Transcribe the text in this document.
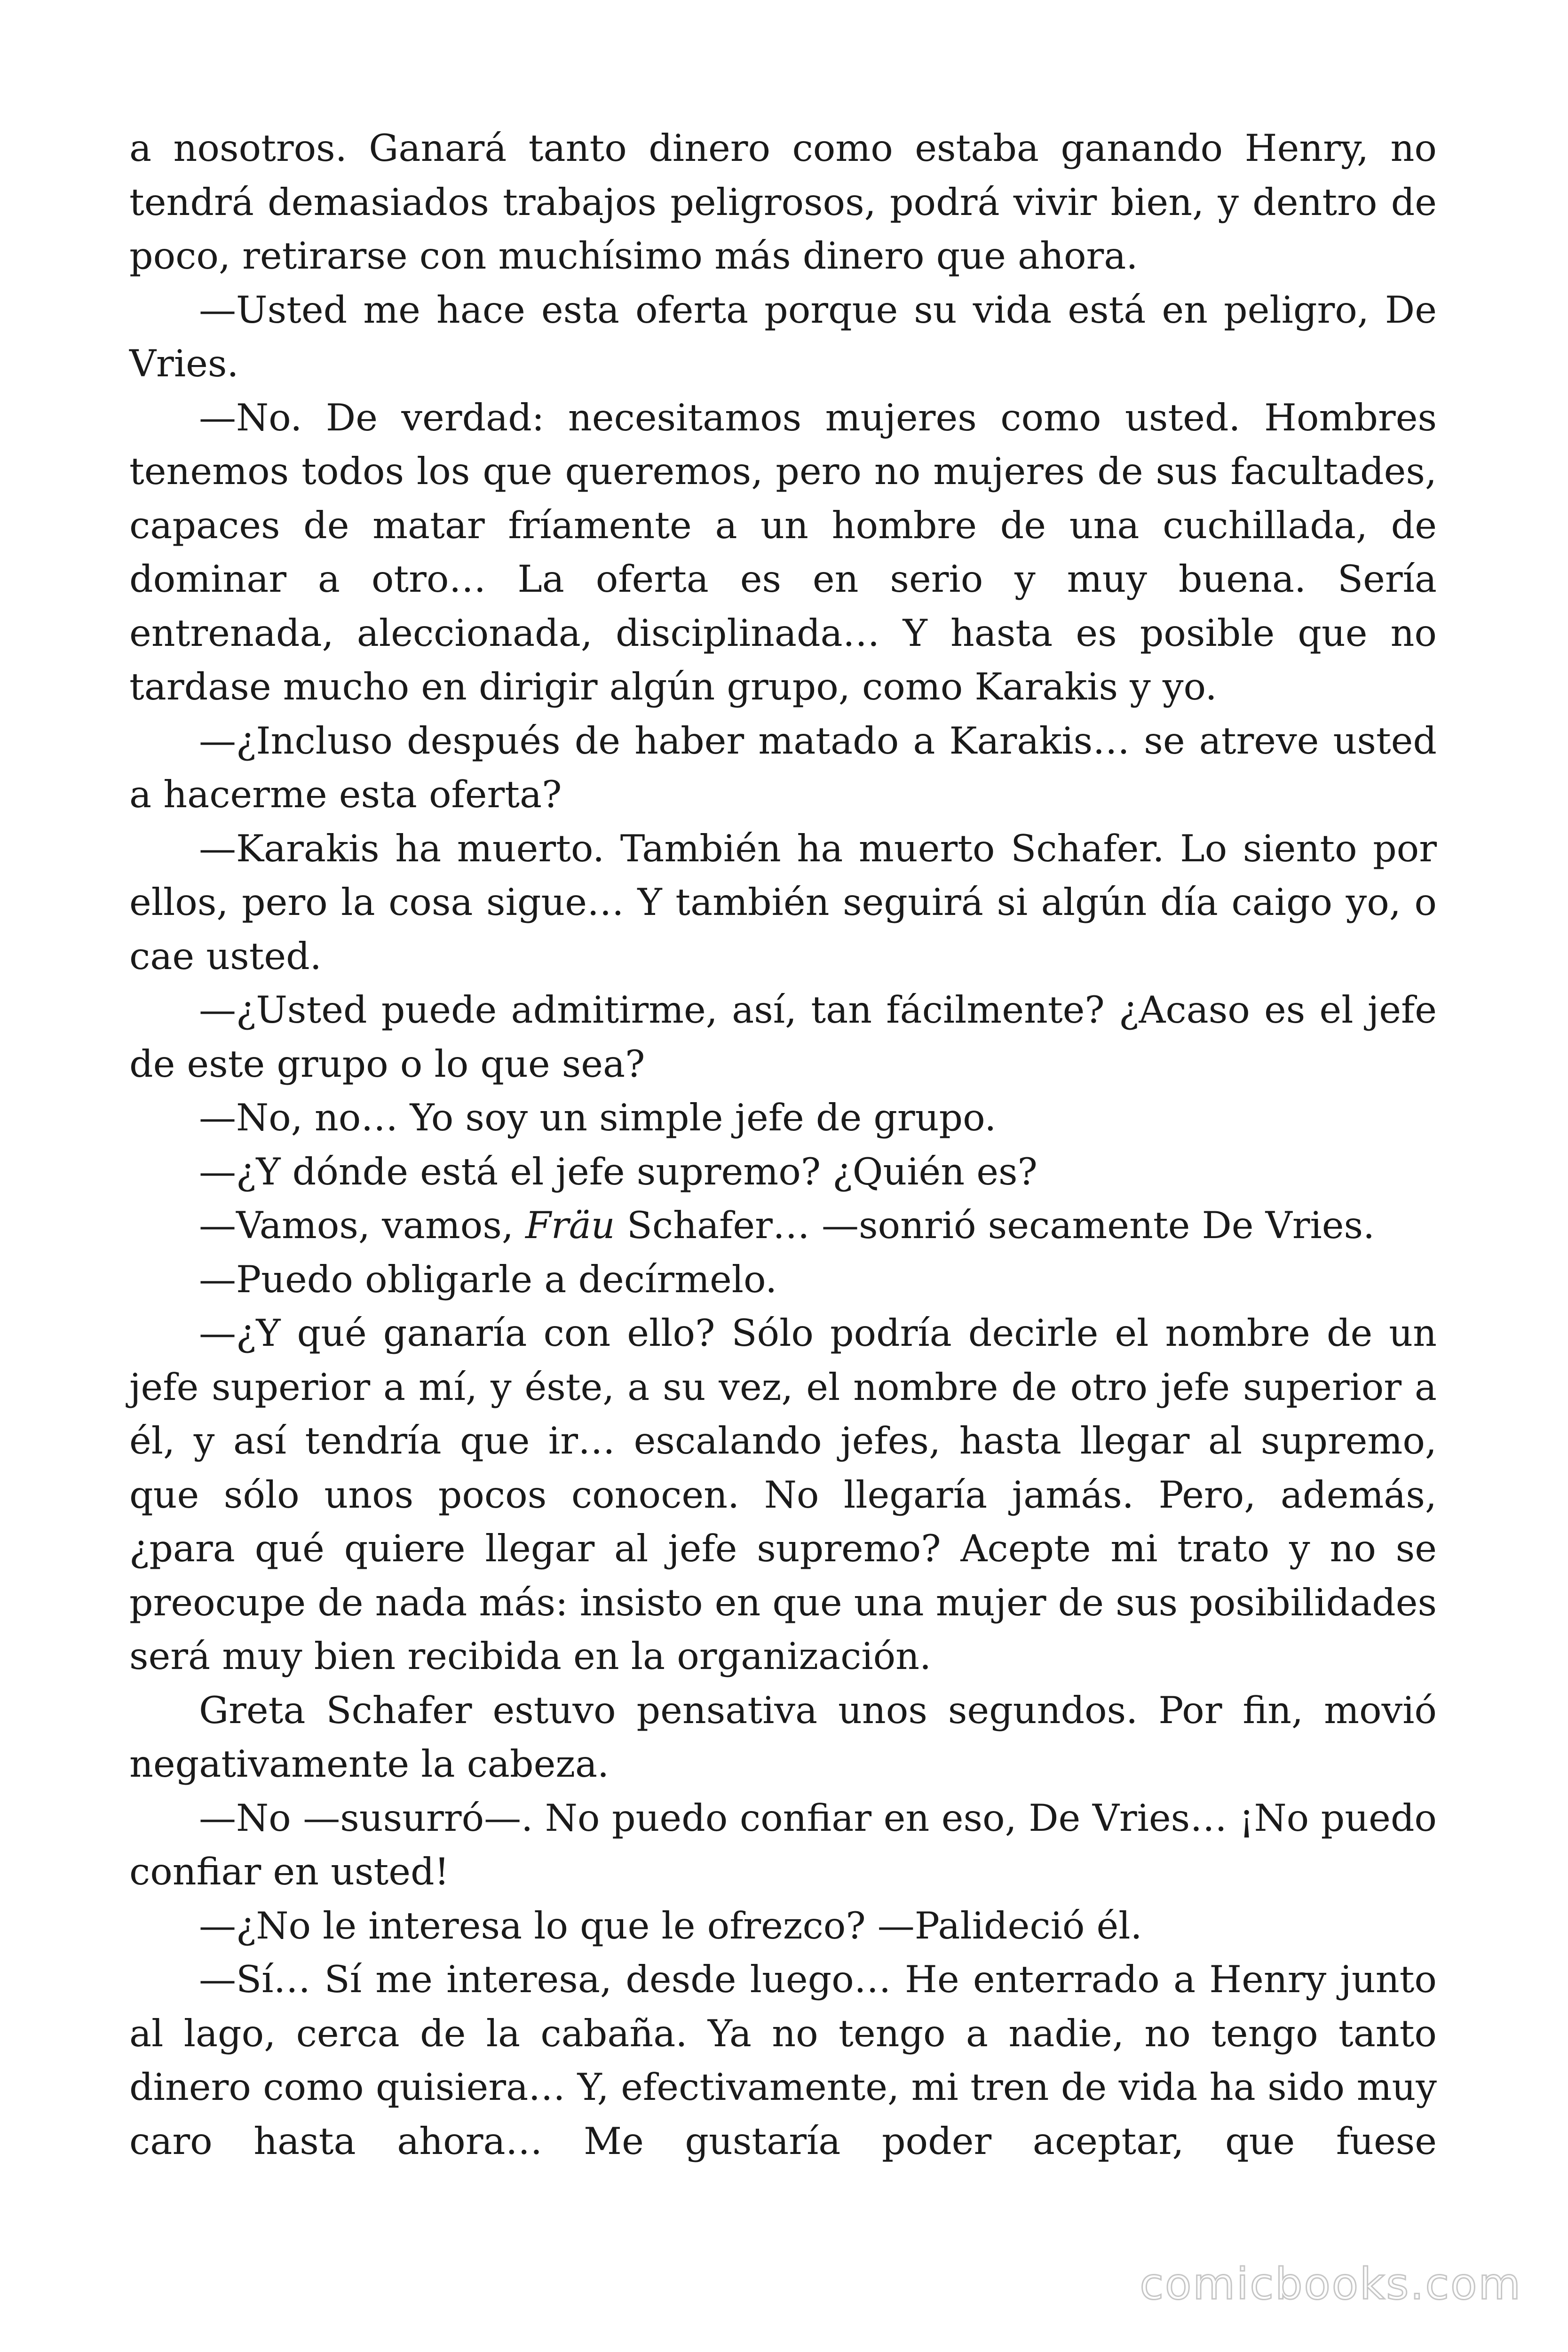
a nosotros. Ganará tanto dinero como estaba ganando Henry, no tendrá demasiados trabajos peligrosos, podrá vivir bien, y dentro de poco, retirarse con muchísimo más dinero que ahora.

—Usted me hace esta oferta porque su vida está en peligro, De Vries.

—No. De verdad: necesitamos mujeres como usted. Hombres tenemos todos los que queremos, pero no mujeres de sus facultades, capaces de matar fríamente a un hombre de una cuchillada, de dominar a otro… La oferta es en serio y muy buena. Sería entrenada, aleccionada, disciplinada… Y hasta es posible que no tardase mucho en dirigir algún grupo, como Karakis y yo.

—¿Incluso después de haber matado a Karakis… se atreve usted a hacerme esta oferta?

—Karakis ha muerto. También ha muerto Schafer. Lo siento por ellos, pero la cosa sigue… Y también seguirá si algún día caigo yo, o cae usted.

—¿Usted puede admitirme, así, tan fácilmente? ¿Acaso es el jefe de este grupo o lo que sea?

—No, no… Yo soy un simple jefe de grupo.

—¿Y dónde está el jefe supremo? ¿Quién es?

—Vamos, vamos, Fräu Schafer… —sonrió secamente De Vries.

—Puedo obligarle a decírmelo.

—¿Y qué ganaría con ello? Sólo podría decirle el nombre de un jefe superior a mí, y éste, a su vez, el nombre de otro jefe superior a él, y así tendría que ir… escalando jefes, hasta llegar al supremo, que sólo unos pocos conocen. No llegaría jamás. Pero, además, ¿para qué quiere llegar al jefe supremo? Acepte mi trato y no se preocupe de nada más: insisto en que una mujer de sus posibilidades será muy bien recibida en la organización.

Greta Schafer estuvo pensativa unos segundos. Por fin, movió negativamente la cabeza.

—No —susurró—. No puedo confiar en eso, De Vries… ¡No puedo confiar en usted!

—¿No le interesa lo que le ofrezco? —Palideció él.

—Sí… Sí me interesa, desde luego… He enterrado a Henry junto al lago, cerca de la cabaña. Ya no tengo a nadie, no tengo tanto dinero como quisiera… Y, efectivamente, mi tren de vida ha sido muy caro hasta ahora… Me gustaría poder aceptar, que fuese

comicbooks.com
